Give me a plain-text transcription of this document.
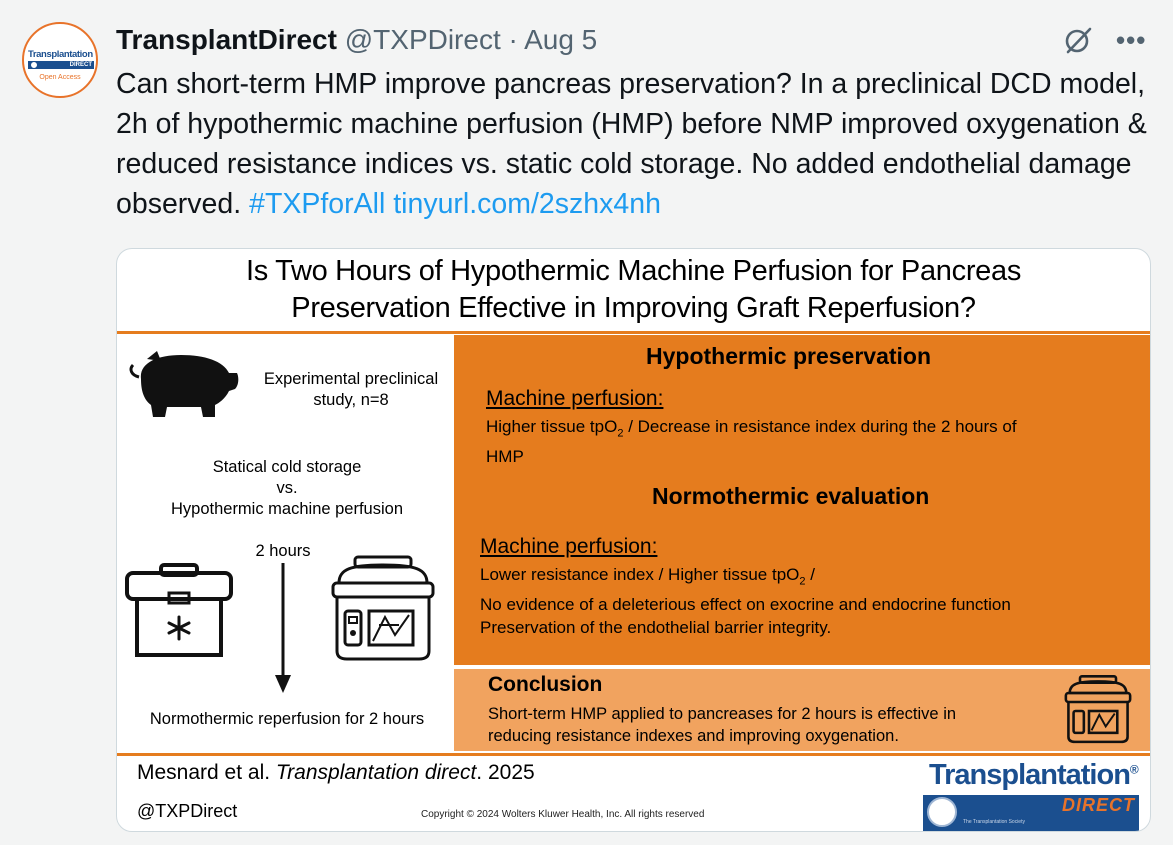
Transplantation
DIRECT
Open Access
TransplantDirect @TXPDirect · Aug 5	•••
Can short-term HMP improve pancreas preservation? In a preclinical DCD model, 2h of hypothermic machine perfusion (HMP) before NMP improved oxygenation & reduced resistance indices vs. static cold storage. No added endothelial damage observed. #TXPforAll tinyurl.com/2szhx4nh
Is Two Hours of Hypothermic Machine Perfusion for Pancreas
Preservation Effective in Improving Graft Reperfusion?
Experimental preclinical
study, n=8
Statical cold storage
vs.
Hypothermic machine perfusion
2 hours
Normothermic reperfusion for 2 hours
Hypothermic preservation
Machine perfusion:
Higher tissue tpO$_2$ / Decrease in resistance index during the 2 hours of
HMP
Normothermic evaluation
Machine perfusion:
Lower resistance index / Higher tissue tpO$_2$ /
No evidence of a deleterious effect on exocrine and endocrine function
Preservation of the endothelial barrier integrity.
Conclusion
Short-term HMP applied to pancreases for 2 hours is effective in
reducing resistance indexes and improving oxygenation.
Mesnard et al. Transplantation direct. 2025
@TXPDirect	Copyright © 2024 Wolters Kluwer Health, Inc. All rights reserved
Transplantation®
DIRECT
The Transplantation Society
